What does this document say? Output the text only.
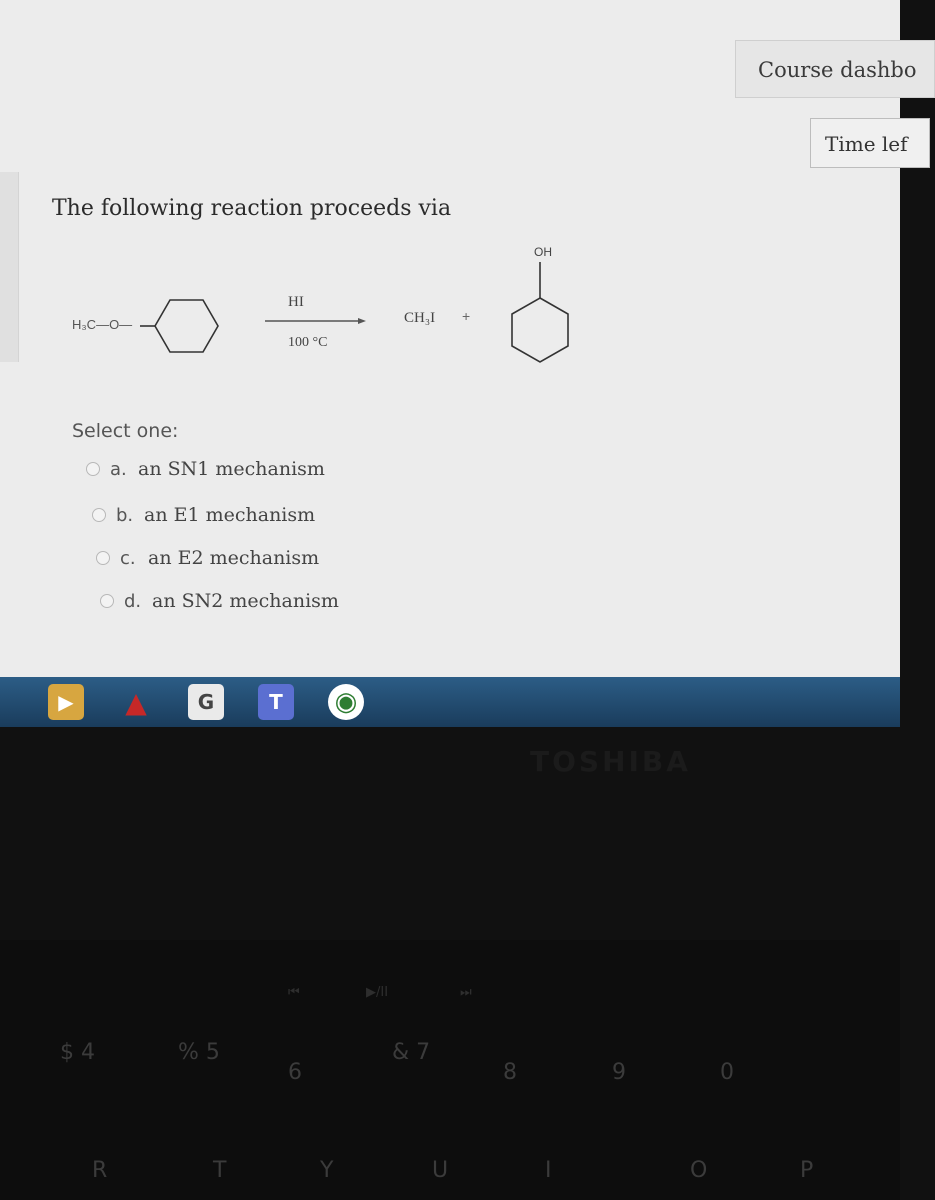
Course dashbo
Time lef
The following reaction proceeds via
H₃C—O—
HI
100 °C
CH₃I +
OH
Select one:
a. an SN1 mechanism
b. an E1 mechanism
c. an E2 mechanism
d. an SN2 mechanism
▶	▲	G	T	◉
TOSHIBA
⏮	▶/II	⏭
$ 4	% 5
6
& 7
8	9	0
R	T	Y	U	I	O	P
